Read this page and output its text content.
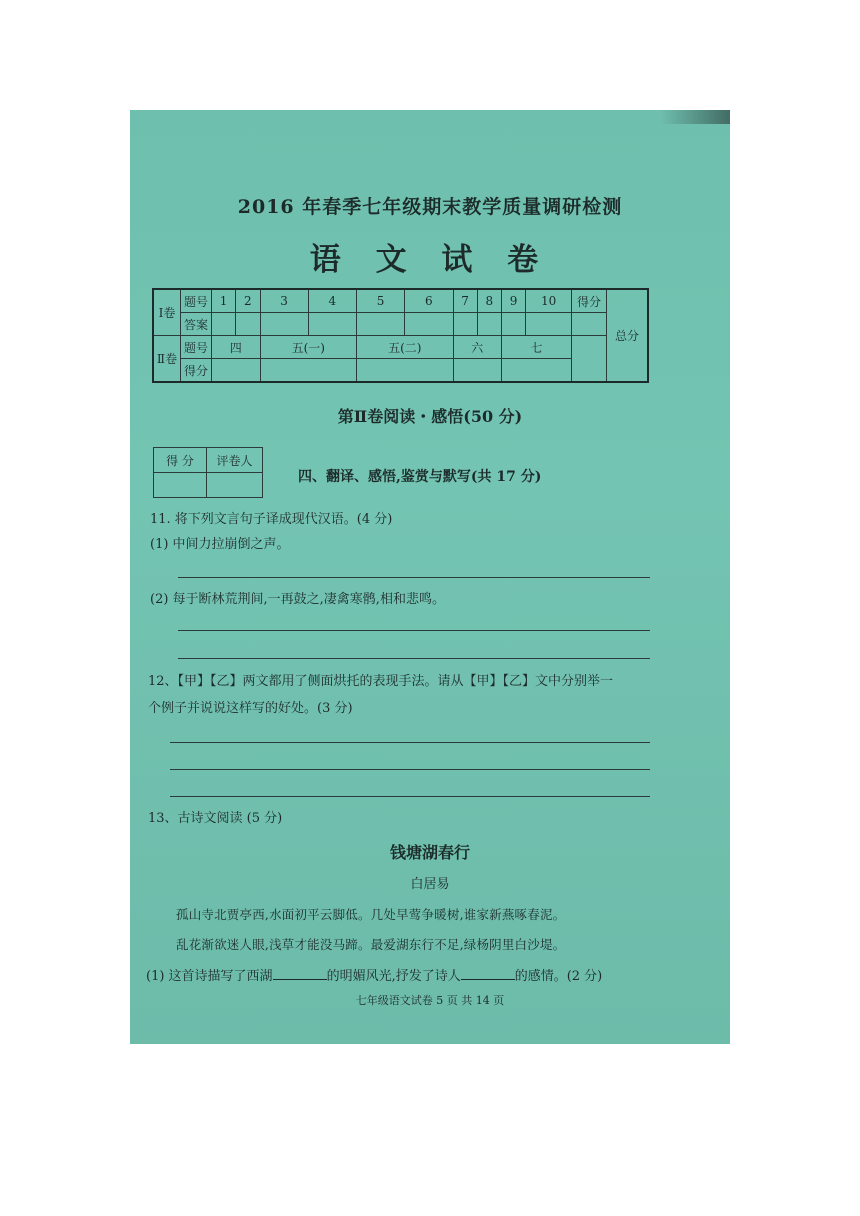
2016 年春季七年级期末教学质量调研检测
语 文 试 卷
Ⅰ卷	题号	1	2	3	4	5	6	7	8	9	10	得分	总分
	答案												
Ⅱ卷	题号	四		五(一)		五(二)		六		七			
	得分												
第Ⅱ卷阅读・感悟(50 分)
得 分	评卷人

四、翻译、感悟,鉴赏与默写(共 17 分)
11. 将下列文言句子译成现代汉语。(4 分)
(1) 中间力拉崩倒之声。
(2) 每于断林荒荆间,一再鼓之,凄禽寒鹘,相和悲鸣。
12、【甲】【乙】两文都用了侧面烘托的表现手法。请从【甲】【乙】文中分别举一
个例子并说说这样写的好处。(3 分)
13、古诗文阅读 (5 分)
钱塘湖春行
白居易
孤山寺北贾亭西,水面初平云脚低。几处早莺争暖树,谁家新燕啄春泥。
乱花渐欲迷人眼,浅草才能没马蹄。最爱湖东行不足,绿杨阴里白沙堤。
(1) 这首诗描写了西湖	的明媚风光,抒发了诗人	的感情。(2 分)
七年级语文试卷 5 页 共 14 页
